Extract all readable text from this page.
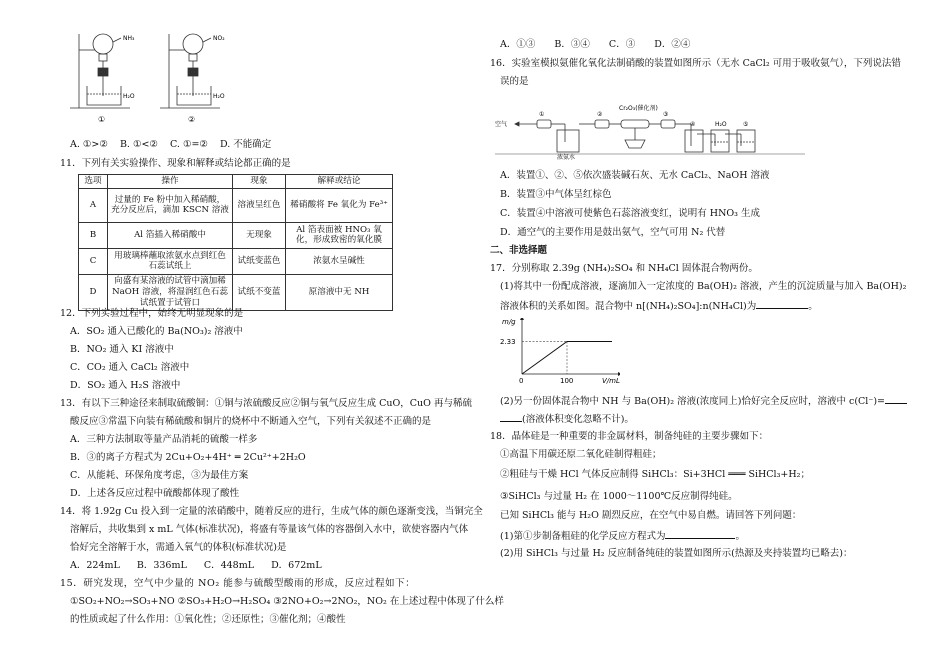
NH₃	NO₂
H₂O	H₂O
①	②
A. ①>② B. ①<② C. ①=② D. 不能确定
11．下列有关实验操作、现象和解释或结论都正确的是
选项	操作	现象	解释或结论
A	过量的 Fe 粉中加入稀硝酸，充分反应后，滴加 KSCN 溶液	溶液呈红色	稀硝酸将 Fe 氧化为 Fe³⁺
B	Al 箔插入稀硝酸中	无现象	Al 箔表面被 HNO₃ 氧化，形成致密的氧化膜
C	用玻璃棒蘸取浓氨水点到红色石蕊试纸上	试纸变蓝色	浓氨水呈碱性
D	向盛有某溶液的试管中滴加稀 NaOH 溶液，将湿润红色石蕊试纸置于试管口	试纸不变蓝	原溶液中无 NH
12．下列实验过程中，始终无明显现象的是
A．SO₂ 通入已酸化的 Ba(NO₃)₂ 溶液中
B．NO₂ 通入 KI 溶液中
C．CO₂ 通入 CaCl₂ 溶液中
D．SO₂ 通入 H₂S 溶液中
13．有以下三种途径来制取硫酸铜：①铜与浓硫酸反应②铜与氧气反应生成 CuO，CuO 再与稀硫
酸反应③常温下向装有稀硫酸和铜片的烧杯中不断通入空气，下列有关叙述不正确的是
A．三种方法制取等量产品消耗的硫酸一样多
B．③的离子方程式为 2Cu+O₂+4H⁺ ═ 2Cu²⁺+2H₂O
C．从能耗、环保角度考虑，③为最佳方案
D．上述各反应过程中硫酸都体现了酸性
14．将 1.92g Cu 投入到一定量的浓硝酸中，随着反应的进行，生成气体的颜色逐渐变浅，当铜完全
溶解后，共收集到 x mL 气体(标准状况)，将盛有等量该气体的容器倒入水中，欲使容器内气体
恰好完全溶解于水，需通入氧气的体积(标准状况)是
A．224mL B．336mL C．448mL D．672mL
15．研究发现，空气中少量的 NO₂ 能参与硫酸型酸雨的形成，反应过程如下：
①SO₂+NO₂→SO₃+NO ②SO₃+H₂O→H₂SO₄ ③2NO+O₂→2NO₂，NO₂ 在上述过程中体现了什么样
的性质或起了什么作用：①氧化性；②还原性；③催化剂；④酸性
A．①③ B．③④ C．③ D．②④
16．实验室模拟氨催化氧化法制硝酸的装置如图所示（无水 CaCl₂ 可用于吸收氨气），下列说法错
误的是
空气
浓氨水
Cr₂O₃(催化剂)
H₂O
①	②	③
④	⑤
A．装置①、②、⑤依次盛装碱石灰、无水 CaCl₂、NaOH 溶液
B．装置③中气体呈红棕色
C．装置④中溶液可使紫色石蕊溶液变红，说明有 HNO₃ 生成
D．通空气的主要作用是鼓出氨气，空气可用 N₂ 代替
二、非选择题
17．分别称取 2.39g (NH₄)₂SO₄ 和 NH₄Cl 固体混合物两份。
(1)将其中一份配成溶液，逐滴加入一定浓度的 Ba(OH)₂ 溶液，产生的沉淀质量与加入 Ba(OH)₂
溶液体积的关系如图。混合物中 n[(NH₄)₂SO₄]:n(NH₄Cl)为	。
m/g
V/mL
2.33
0	100
(2)另一份固体混合物中 NH 与 Ba(OH)₂ 溶液(浓度同上)恰好完全反应时，溶液中 c(Cl⁻)=
(溶液体积变化忽略不计)。
18．晶体硅是一种重要的非金属材料，制备纯硅的主要步骤如下：
①高温下用碳还原二氧化硅制得粗硅；
②粗硅与干燥 HCl 气体反应制得 SiHCl₃：Si+3HCl ═══ SiHCl₃+H₂；
③SiHCl₃ 与过量 H₂ 在 1000～1100℃反应制得纯硅。
已知 SiHCl₃ 能与 H₂O 剧烈反应，在空气中易自燃。请回答下列问题：
(1)第①步制备粗硅的化学反应方程式为	。
(2)用 SiHCl₃ 与过量 H₂ 反应制备纯硅的装置如图所示(热源及夹持装置均已略去)：
